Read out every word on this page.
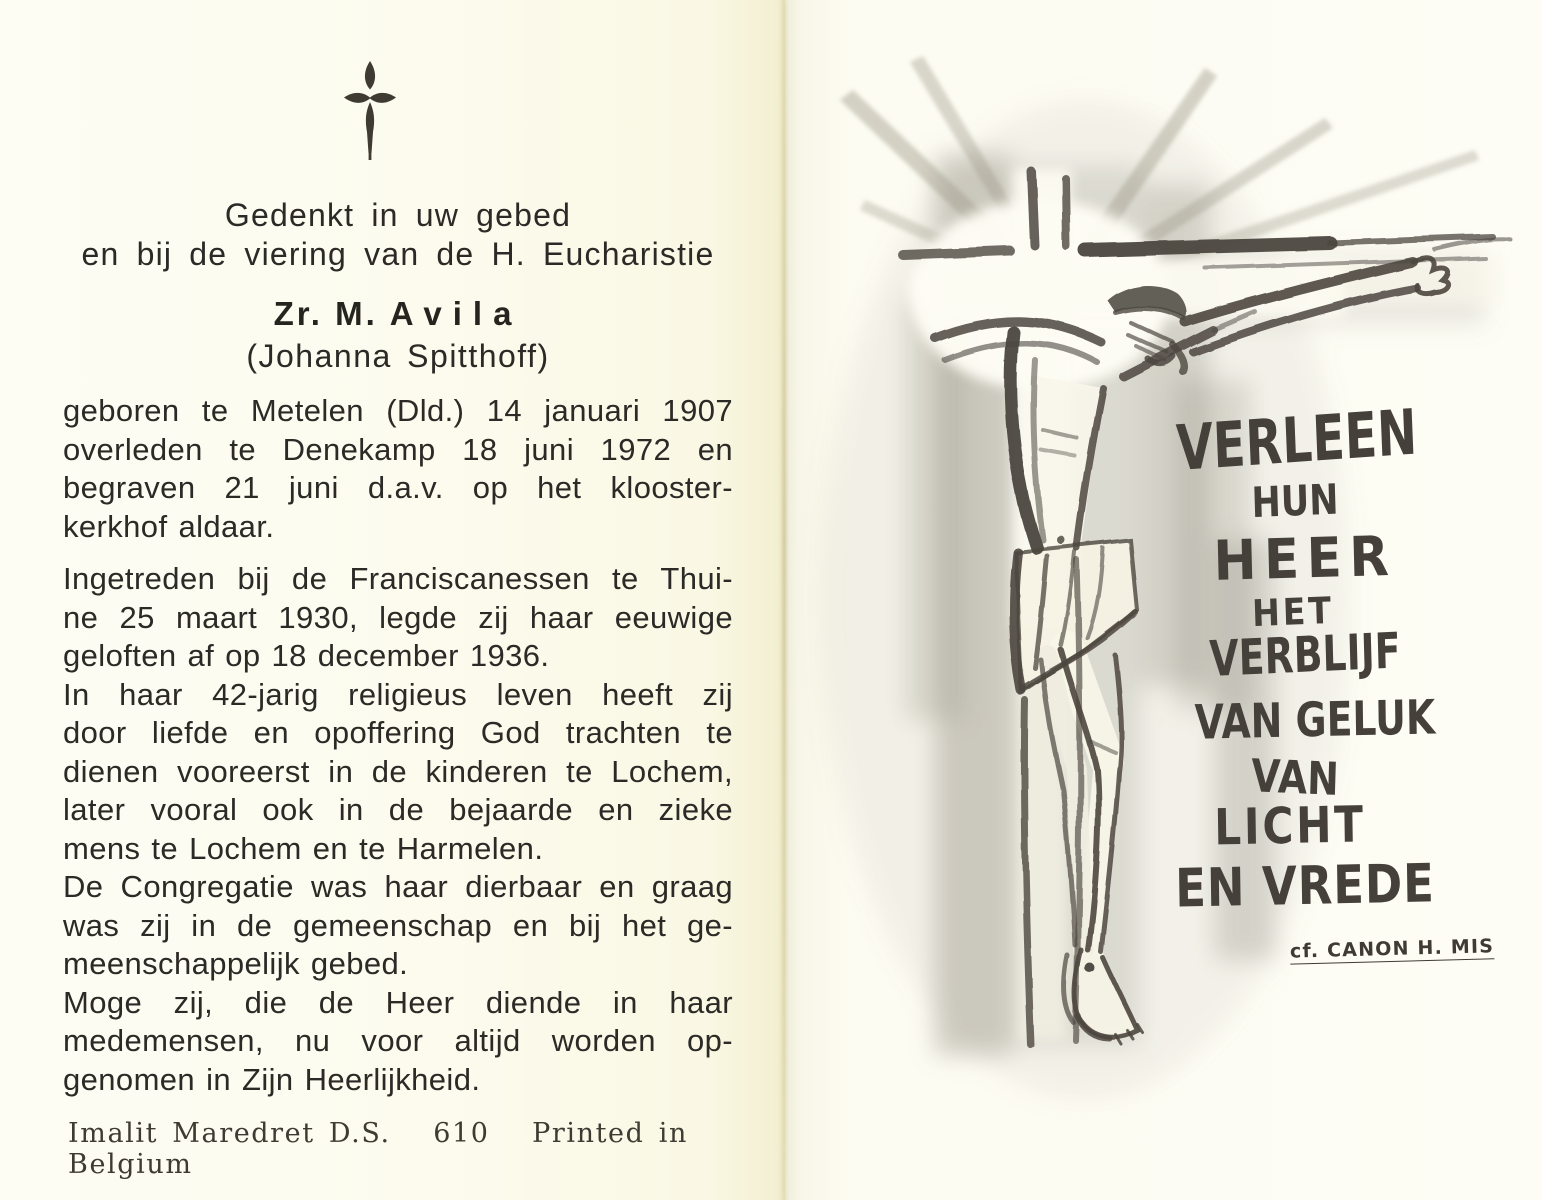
Gedenkt in uw gebed
en bij de viering van de H. Eucharistie
Zr. M. Avila
(Johanna Spitthoff)
geboren te Metelen (Dld.) 14 januari 1907
overleden te Denekamp 18 juni 1972 en
begraven 21 juni d.a.v. op het klooster-
kerkhof aldaar.
Ingetreden bij de Franciscanessen te Thui-
ne 25 maart 1930, legde zij haar eeuwige
geloften af op 18 december 1936.
In haar 42-jarig religieus leven heeft zij
door liefde en opoffering God trachten te
dienen vooreerst in de kinderen te Lochem,
later vooral ook in de bejaarde en zieke
mens te Lochem en te Harmelen.
De Congregatie was haar dierbaar en graag
was zij in de gemeenschap en bij het ge-
meenschappelijk gebed.
Moge zij, die de Heer diende in haar
medemensen, nu voor altijd worden op-
genomen in Zijn Heerlijkheid.
Imalit Maredret D.S.   610   Printed in Belgium
VERLEEN
HUN
HEER
HET
VERBLIJF
VAN GELUK
VAN
LICHT
EN VREDE
cf. CANON H. MIS
